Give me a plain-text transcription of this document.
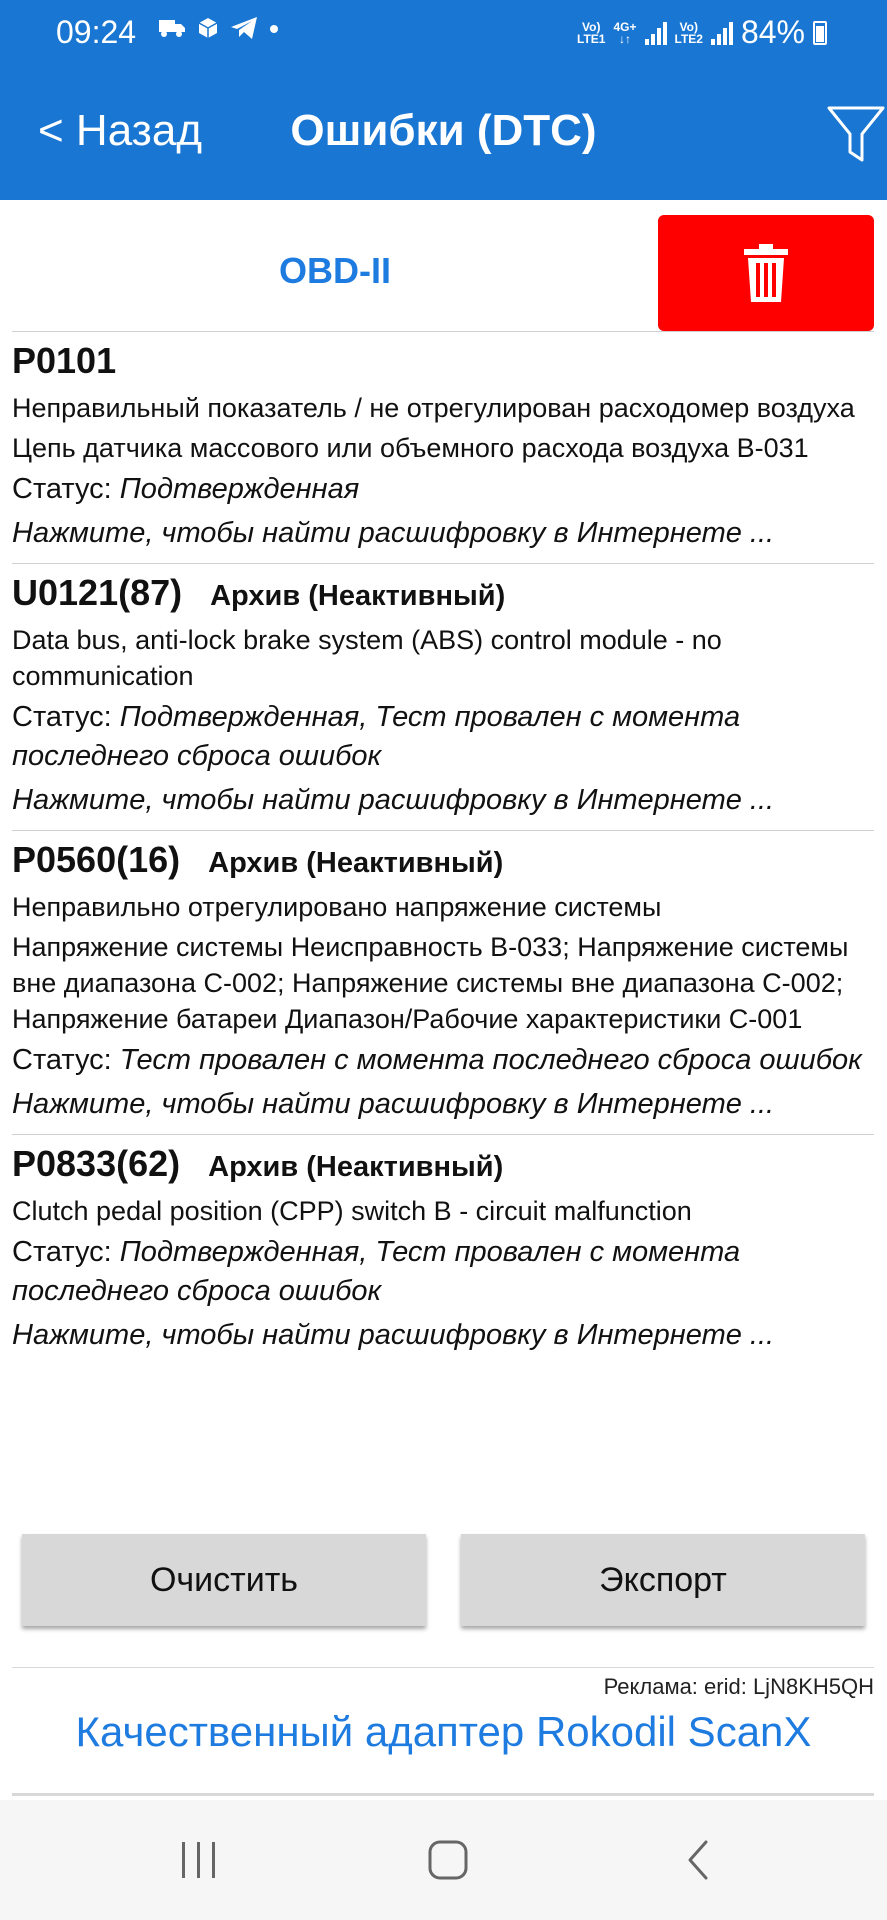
09:24	Vo)
LTE1
4G+
↓↑
Vo)
LTE2 84%
< Назад	Ошибки (DTC)
OBD-II
P0101
Неправильный показатель / не отрегулирован расходомер воздуха
Цепь датчика массового или объемного расхода воздуха B-031
Статус: Подтвержденная
Нажмите, чтобы найти расшифровку в Интернете ...
U0121(87) Архив (Неактивный)
Data bus, anti-lock brake system (ABS) control module - no communication
Статус: Подтвержденная, Тест провален с момента последнего сброса ошибок
Нажмите, чтобы найти расшифровку в Интернете ...
P0560(16) Архив (Неактивный)
Неправильно отрегулировано напряжение системы
Напряжение системы Неисправность B-033; Напряжение системы вне диапазона C-002; Напряжение системы вне диапазона C-002; Напряжение батареи Диапазон/Рабочие характеристики C-001
Статус: Тест провален с момента последнего сброса ошибок
Нажмите, чтобы найти расшифровку в Интернете ...
P0833(62) Архив (Неактивный)
Clutch pedal position (CPP) switch B - circuit malfunction
Статус: Подтвержденная, Тест провален с момента последнего сброса ошибок
Нажмите, чтобы найти расшифровку в Интернете ...
Очистить	Экспорт
Реклама: erid: LjN8KH5QH
Качественный адаптер Rokodil ScanX
